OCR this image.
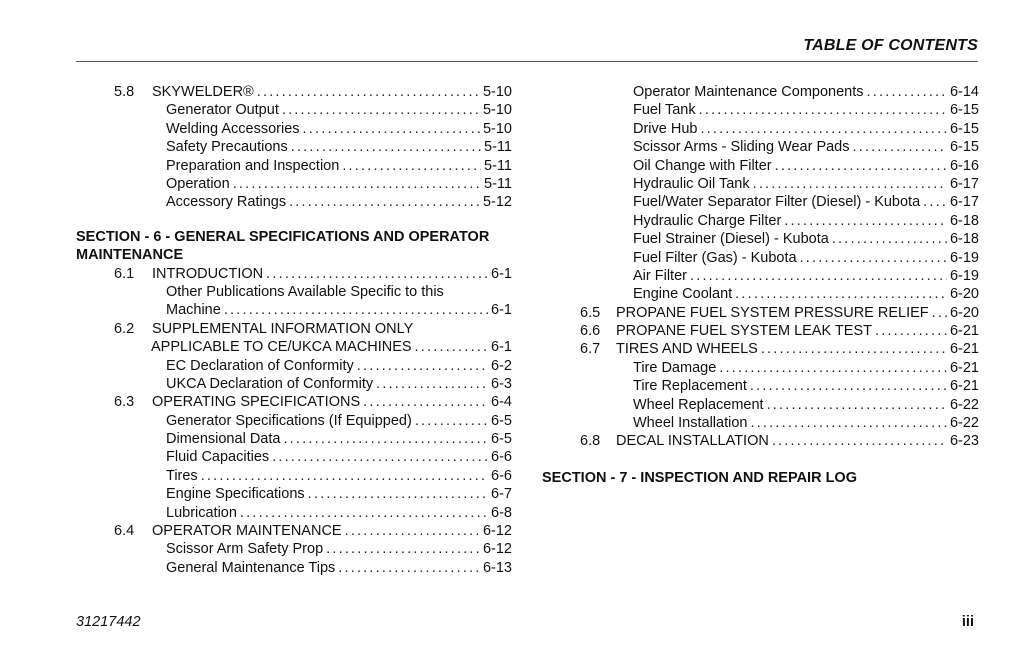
TABLE OF CONTENTS
5.8	SKYWELDER® .....	5-10
Generator Output .....	5-10
Welding Accessories .....	5-10
Safety Precautions .....	5-11
Preparation and Inspection .....	5-11
Operation .....	5-11
Accessory Ratings .....	5-12
SECTION - 6 - GENERAL SPECIFICATIONS AND OPERATOR
MAINTENANCE
6.1	INTRODUCTION .....	6-1
Other Publications Available Specific to this
Machine .....	6-1
6.2	SUPPLEMENTAL INFORMATION ONLY
APPLICABLE TO CE/UKCA MACHINES .....	6-1
EC Declaration of Conformity .....	6-2
UKCA Declaration of Conformity .....	6-3
6.3	OPERATING SPECIFICATIONS .....	6-4
Generator Specifications (If Equipped) .....	6-5
Dimensional Data .....	6-5
Fluid Capacities .....	6-6
Tires .....	6-6
Engine Specifications .....	6-7
Lubrication .....	6-8
6.4	OPERATOR MAINTENANCE .....	6-12
Scissor Arm Safety Prop .....	6-12
General Maintenance Tips .....	6-13
Operator Maintenance Components .....	6-14
Fuel Tank .....	6-15
Drive Hub .....	6-15
Scissor Arms - Sliding Wear Pads .....	6-15
Oil Change with Filter .....	6-16
Hydraulic Oil Tank .....	6-17
Fuel/Water Separator Filter (Diesel) - Kubota ..... 6-17
Hydraulic Charge Filter .....	6-18
Fuel Strainer (Diesel) - Kubota .....	6-18
Fuel Filter (Gas) - Kubota .....	6-19
Air Filter .....	6-19
Engine Coolant .....	6-20
6.5	PROPANE FUEL SYSTEM PRESSURE RELIEF ..... 6-20
6.6	PROPANE FUEL SYSTEM LEAK TEST .....	6-21
6.7	TIRES AND WHEELS .....	6-21
Tire Damage .....	6-21
Tire Replacement .....	6-21
Wheel Replacement .....	6-22
Wheel Installation .....	6-22
6.8	DECAL INSTALLATION .....	6-23
SECTION - 7 - INSPECTION AND REPAIR LOG
31217442	iii
